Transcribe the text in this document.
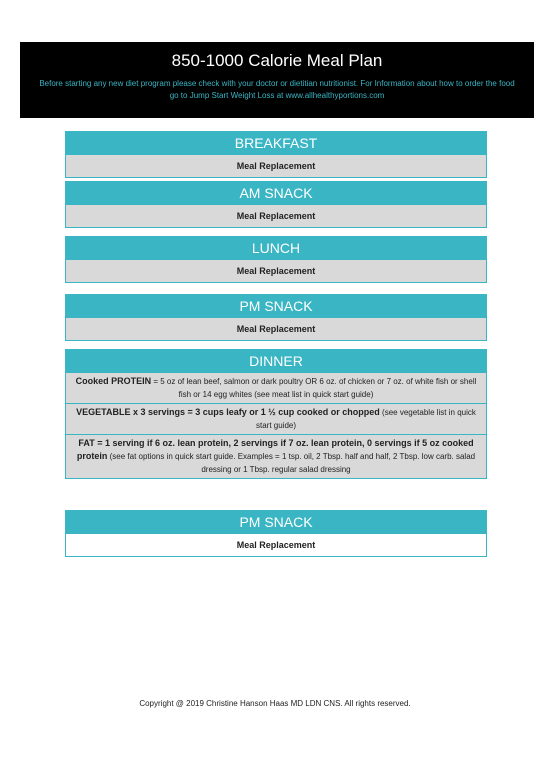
850-1000 Calorie Meal Plan
Before starting any new diet program please check with your doctor or dietitian nutritionist. For Information about how to order the food go to Jump Start Weight Loss at www.allhealthyportions.com
BREAKFAST
Meal Replacement
AM SNACK
Meal Replacement
LUNCH
Meal Replacement
PM SNACK
Meal Replacement
DINNER
Cooked PROTEIN = 5 oz of lean beef, salmon or dark poultry OR 6 oz. of chicken or 7 oz. of white fish or shell fish or 14 egg whites (see meat list in quick start guide)
VEGETABLE x 3 servings = 3 cups leafy or 1 ½ cup cooked or chopped (see vegetable list in quick start guide)
FAT = 1 serving if 6 oz. lean protein, 2 servings if 7 oz. lean protein, 0 servings if 5 oz cooked protein (see fat options in quick start guide. Examples = 1 tsp. oil, 2 Tbsp. half and half, 2 Tbsp. low carb. salad dressing or 1 Tbsp. regular salad dressing
PM SNACK
Meal Replacement
Copyright @ 2019 Christine Hanson Haas MD LDN CNS. All rights reserved.
